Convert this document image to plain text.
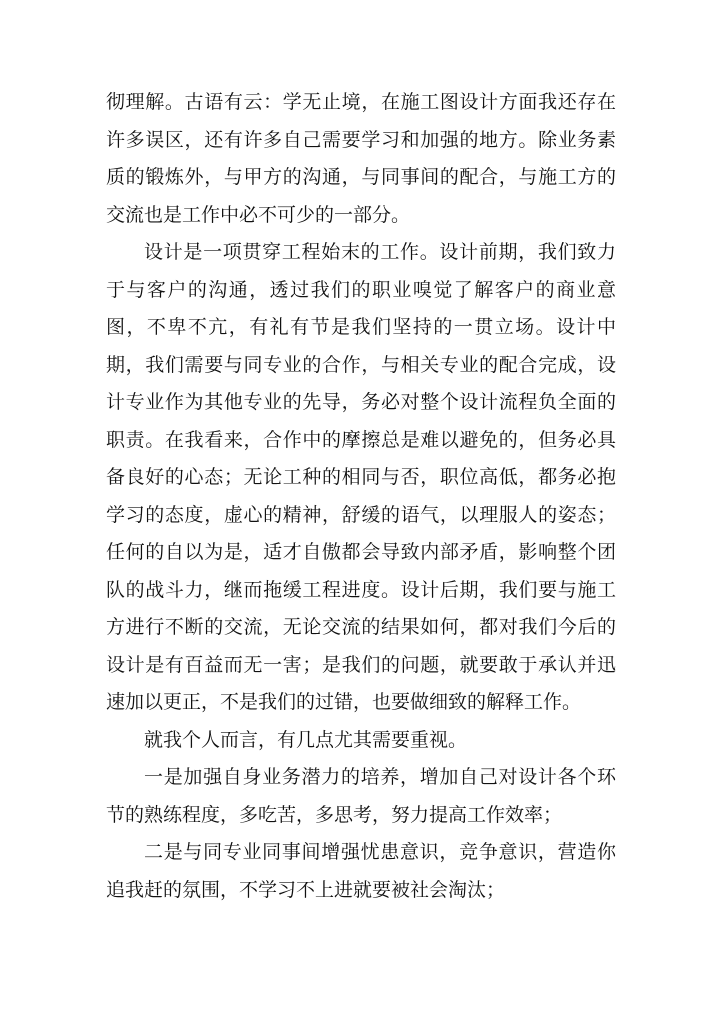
彻理解。古语有云：学无止境，在施工图设计方面我还存在许多误区，还有许多自己需要学习和加强的地方。除业务素质的锻炼外，与甲方的沟通，与同事间的配合，与施工方的交流也是工作中必不可少的一部分。

设计是一项贯穿工程始末的工作。设计前期，我们致力于与客户的沟通，透过我们的职业嗅觉了解客户的商业意图，不卑不亢，有礼有节是我们坚持的一贯立场。设计中期，我们需要与同专业的合作，与相关专业的配合完成，设计专业作为其他专业的先导，务必对整个设计流程负全面的职责。在我看来，合作中的摩擦总是难以避免的，但务必具备良好的心态；无论工种的相同与否，职位高低，都务必抱学习的态度，虚心的精神，舒缓的语气，以理服人的姿态；任何的自以为是，适才自傲都会导致内部矛盾，影响整个团队的战斗力，继而拖缓工程进度。设计后期，我们要与施工方进行不断的交流，无论交流的结果如何，都对我们今后的设计是有百益而无一害；是我们的问题，就要敢于承认并迅速加以更正，不是我们的过错，也要做细致的解释工作。

就我个人而言，有几点尤其需要重视。

一是加强自身业务潜力的培养，增加自己对设计各个环节的熟练程度，多吃苦，多思考，努力提高工作效率；

二是与同专业同事间增强忧患意识，竞争意识，营造你追我赶的氛围，不学习不上进就要被社会淘汰；
